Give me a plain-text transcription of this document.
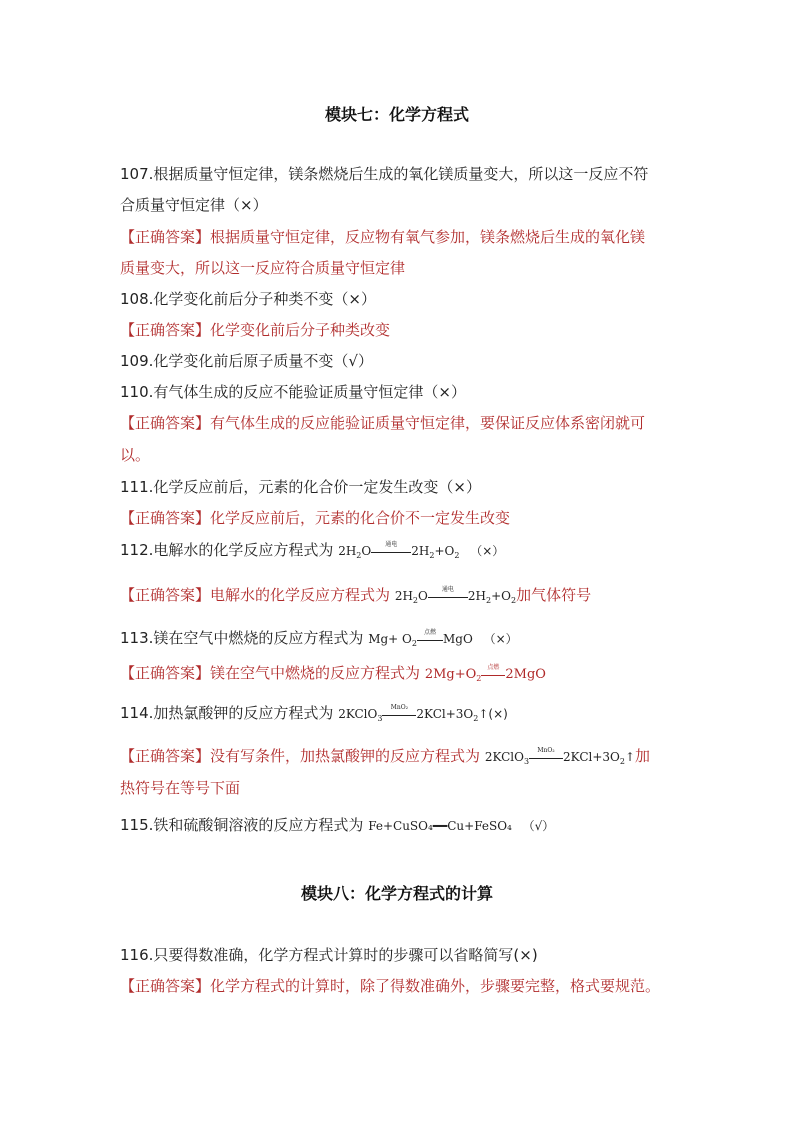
模块七：化学方程式
107.根据质量守恒定律，镁条燃烧后生成的氧化镁质量变大，所以这一反应不符
合质量守恒定律（×）
【正确答案】根据质量守恒定律，反应物有氧气参加，镁条燃烧后生成的氧化镁
质量变大，所以这一反应符合质量守恒定律
108.化学变化前后分子种类不变（×）
【正确答案】化学变化前后分子种类改变
109.化学变化前后原子质量不变（√）
110.有气体生成的反应不能验证质量守恒定律（×）
【正确答案】有气体生成的反应能验证质量守恒定律，要保证反应体系密闭就可
以。
111.化学反应前后，元素的化合价一定发生改变（×）
【正确答案】化学反应前后，元素的化合价不一定发生改变
112.电解水的化学反应方程式为 $2H_2O$	通电	$2H_2+O_2$ （×）
【正确答案】电解水的化学反应方程式为 $2H_2O$	通电	$2H_2+O_2$加气体符号
113.镁在空气中燃烧的反应方程式为 $Mg+ O_2$
点燃 MgO （×）
【正确答案】镁在空气中燃烧的反应方程式为 $2Mg+O_2$
点燃 2MgO
114.加热氯酸钾的反应方程式为 2KClO$_3$
MnO₂ $2KCl+3O_2↑(\times)$
【正确答案】没有写条件，加热氯酸钾的反应方程式为 2KClO$_3$
MnO₂ $2KCl+3O_2↑$加
热符号在等号下面
115.铁和硫酸铜溶液的反应方程式为 Fe+CuSO₄━━Cu+FeSO₄ （√）
模块八：化学方程式的计算
116.只要得数准确，化学方程式计算时的步骤可以省略简写(×)
【正确答案】化学方程式的计算时，除了得数准确外，步骤要完整，格式要规范。
